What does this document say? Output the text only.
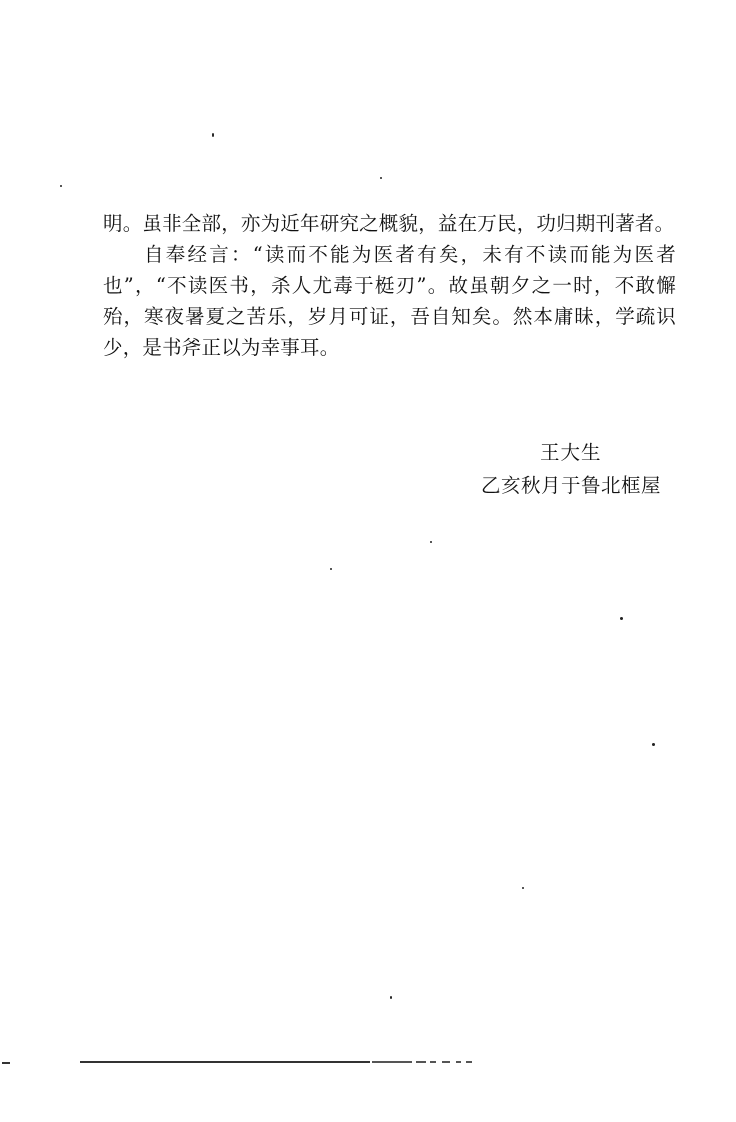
明。虽非全部，亦为近年研究之概貌，益在万民，功归期刊著者。

自奉经言：“读而不能为医者有矣，未有不读而能为医者也”，“不读医书，杀人尤毒于梃刃”。故虽朝夕之一时，不敢懈殆，寒夜暑夏之苦乐，岁月可证，吾自知矣。然本庸昧，学疏识少，是书斧正以为幸事耳。

王大生
乙亥秋月于鲁北框屋
